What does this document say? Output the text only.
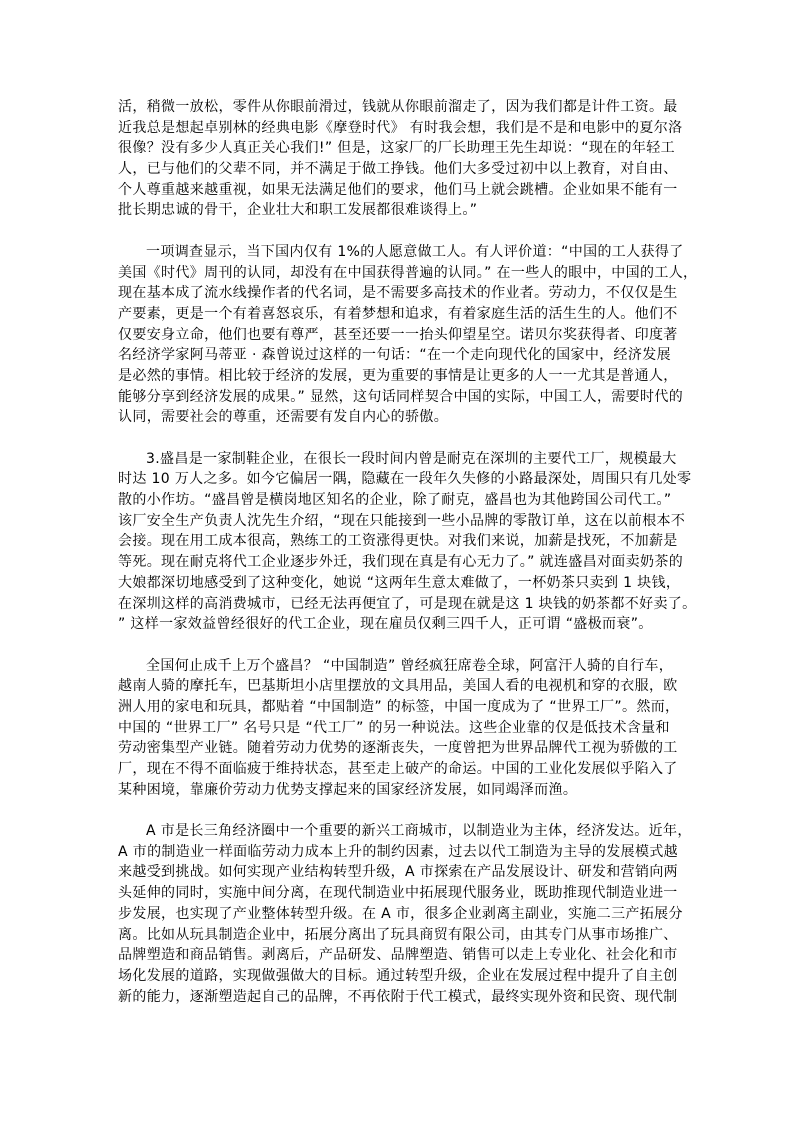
活，稍微一放松，零件从你眼前滑过，钱就从你眼前溜走了，因为我们都是计件工资。最
近我总是想起卓别林的经典电影《摩登时代》 有时我会想，我们是不是和电影中的夏尔洛
很像？没有多少人真正关心我们!” 但是，这家厂的厂长助理王先生却说：“现在的年轻工
人，已与他们的父辈不同，并不满足于做工挣钱。他们大多受过初中以上教育，对自由、
个人尊重越来越重视，如果无法满足他们的要求，他们马上就会跳槽。企业如果不能有一
批长期忠诚的骨干，企业壮大和职工发展都很难谈得上。”
一项调查显示，当下国内仅有 1%的人愿意做工人。有人评价道：“中国的工人获得了
美国《时代》周刊的认同，却没有在中国获得普遍的认同。” 在一些人的眼中，中国的工人，
现在基本成了流水线操作者的代名词，是不需要多高技术的作业者。劳动力，不仅仅是生
产要素，更是一个有着喜怒哀乐，有着梦想和追求，有着家庭生活的活生生的人。他们不
仅要安身立命，他们也要有尊严，甚至还要一一抬头仰望星空。诺贝尔奖获得者、印度著
名经济学家阿马蒂亚 · 森曾说过这样的一句话：“在一个走向现代化的国家中，经济发展
是必然的事情。相比较于经济的发展，更为重要的事情是让更多的人一一尤其是普通人，
能够分享到经济发展的成果。” 显然，这句话同样契合中国的实际，中国工人，需要时代的
认同，需要社会的尊重，还需要有发自内心的骄傲。
3.盛昌是一家制鞋企业，在很长一段时间内曾是耐克在深圳的主要代工厂，规模最大
时达 10 万人之多。如今它偏居一隅，隐藏在一段年久失修的小路最深处，周围只有几处零
散的小作坊。“盛昌曾是横岗地区知名的企业，除了耐克，盛昌也为其他跨国公司代工。”
该厂安全生产负责人沈先生介绍，“现在只能接到一些小品牌的零散订单，这在以前根本不
会接。现在用工成本很高，熟练工的工资涨得更快。对我们来说，加薪是找死，不加薪是
等死。现在耐克将代工企业逐步外迁，我们现在真是有心无力了。” 就连盛昌对面卖奶茶的
大娘都深切地感受到了这种变化，她说 “这两年生意太难做了，一杯奶茶只卖到 1 块钱，
在深圳这样的高消费城市，已经无法再便宜了，可是现在就是这 1 块钱的奶茶都不好卖了。
” 这样一家效益曾经很好的代工企业，现在雇员仅剩三四千人，正可谓 “盛极而衰”。
全国何止成千上万个盛昌？ “中国制造” 曾经疯狂席卷全球，阿富汗人骑的自行车，
越南人骑的摩托车，巴基斯坦小店里摆放的文具用品，美国人看的电视机和穿的衣服，欧
洲人用的家电和玩具，都贴着 “中国制造” 的标签，中国一度成为了 “世界工厂”。然而，
中国的 “世界工厂” 名号只是 “代工厂” 的另一种说法。这些企业靠的仅是低技术含量和
劳动密集型产业链。随着劳动力优势的逐渐丧失，一度曾把为世界品牌代工视为骄傲的工
厂，现在不得不面临疲于维持状态，甚至走上破产的命运。中国的工业化发展似乎陷入了
某种困境，靠廉价劳动力优势支撑起来的国家经济发展，如同竭泽而渔。
A 市是长三角经济圈中一个重要的新兴工商城市，以制造业为主体，经济发达。近年，
A 市的制造业一样面临劳动力成本上升的制约因素，过去以代工制造为主导的发展模式越
来越受到挑战。如何实现产业结构转型升级，A 市探索在产品发展设计、研发和营销向两
头延伸的同时，实施中间分离，在现代制造业中拓展现代服务业，既助推现代制造业进一
步发展，也实现了产业整体转型升级。在 A 市，很多企业剥离主副业，实施二三产拓展分
离。比如从玩具制造企业中，拓展分离出了玩具商贸有限公司，由其专门从事市场推广、
品牌塑造和商品销售。剥离后，产品研发、品牌塑造、销售可以走上专业化、社会化和市
场化发展的道路，实现做强做大的目标。通过转型升级，企业在发展过程中提升了自主创
新的能力，逐渐塑造起自己的品牌，不再依附于代工模式，最终实现外资和民资、现代制
